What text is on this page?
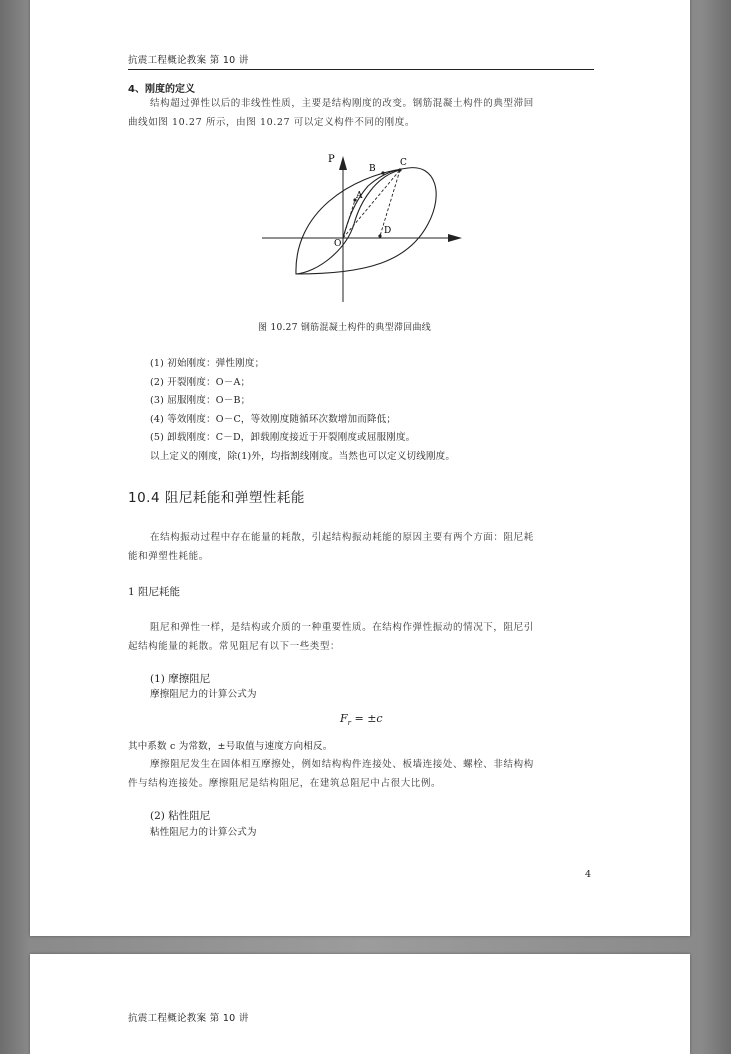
抗震工程概论教案 第 10 讲
4、刚度的定义
结构超过弹性以后的非线性性质，主要是结构刚度的改变。钢筋混凝土构件的典型滞回
曲线如图 10.27 所示，由图 10.27 可以定义构件不同的刚度。
P
B
C
A
O
D
图 10.27 钢筋混凝土构件的典型滞回曲线
(1) 初始刚度：弹性刚度；
(2) 开裂刚度：O－A；
(3) 屈服刚度：O－B；
(4) 等效刚度：O－C，等效刚度随循环次数增加而降低；
(5) 卸载刚度：C－D，卸载刚度接近于开裂刚度或屈服刚度。
以上定义的刚度，除(1)外，均指割线刚度。当然也可以定义切线刚度。
10.4 阻尼耗能和弹塑性耗能
在结构振动过程中存在能量的耗散，引起结构振动耗能的原因主要有两个方面：阻尼耗
能和弹塑性耗能。
1 阻尼耗能
阻尼和弹性一样，是结构或介质的一种重要性质。在结构作弹性振动的情况下，阻尼引
起结构能量的耗散。常见阻尼有以下一些类型：
(1) 摩擦阻尼
摩擦阻尼力的计算公式为
$F_r = \pm c$
其中系数 c 为常数，±号取值与速度方向相反。
摩擦阻尼发生在固体相互摩擦处，例如结构构件连接处、板墙连接处、螺栓、非结构构
件与结构连接处。摩擦阻尼是结构阻尼，在建筑总阻尼中占很大比例。
(2) 粘性阻尼
粘性阻尼力的计算公式为
4
抗震工程概论教案 第 10 讲
